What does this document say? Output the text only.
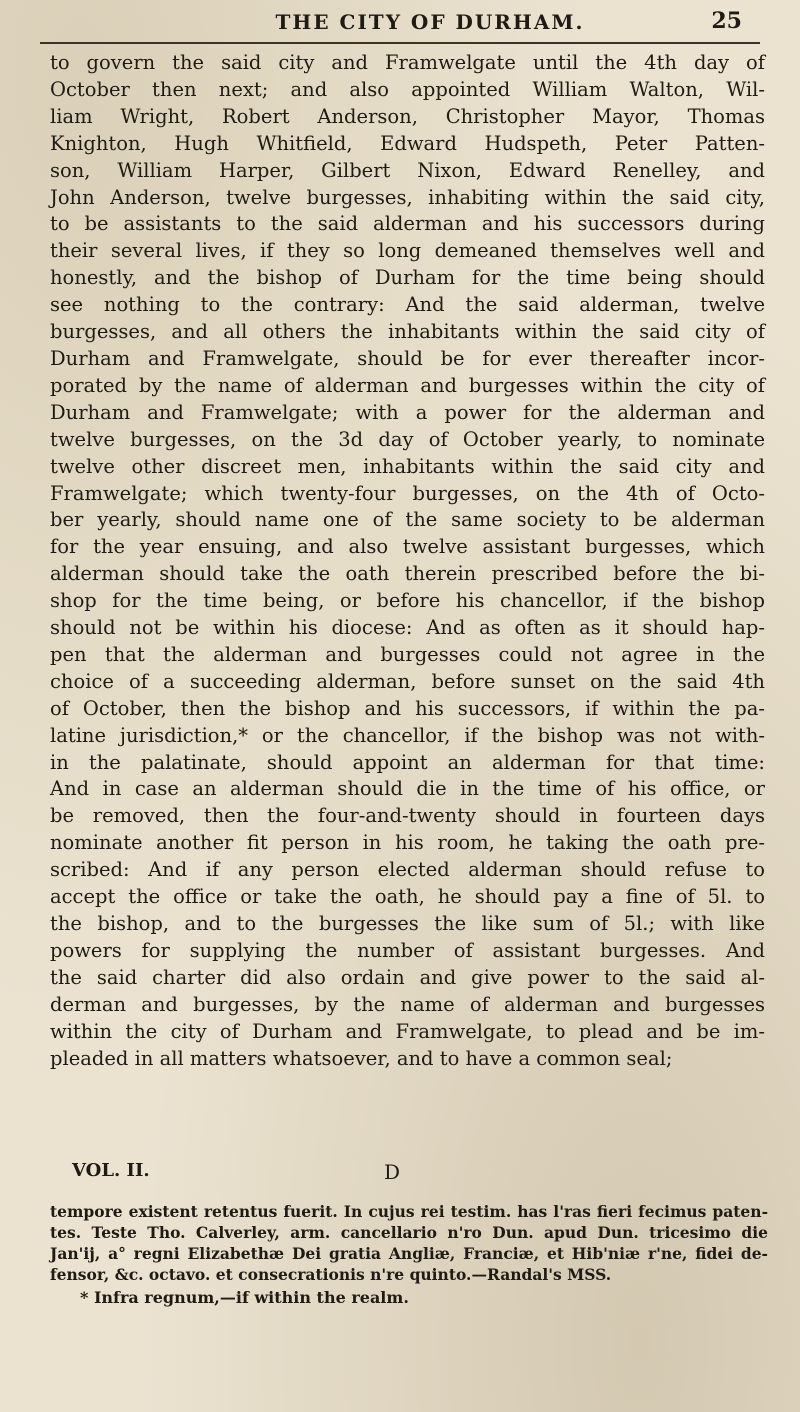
THE CITY OF DURHAM.	25
to govern the said city and Framwelgate until the 4th day of
October then next; and also appointed William Walton, Wil-
liam Wright, Robert Anderson, Christopher Mayor, Thomas
Knighton, Hugh Whitfield, Edward Hudspeth, Peter Patten-
son, William Harper, Gilbert Nixon, Edward Renelley, and
John Anderson, twelve burgesses, inhabiting within the said city,
to be assistants to the said alderman and his successors during
their several lives, if they so long demeaned themselves well and
honestly, and the bishop of Durham for the time being should
see nothing to the contrary: And the said alderman, twelve
burgesses, and all others the inhabitants within the said city of
Durham and Framwelgate, should be for ever thereafter incor-
porated by the name of alderman and burgesses within the city of
Durham and Framwelgate; with a power for the alderman and
twelve burgesses, on the 3d day of October yearly, to nominate
twelve other discreet men, inhabitants within the said city and
Framwelgate; which twenty-four burgesses, on the 4th of Octo-
ber yearly, should name one of the same society to be alderman
for the year ensuing, and also twelve assistant burgesses, which
alderman should take the oath therein prescribed before the bi-
shop for the time being, or before his chancellor, if the bishop
should not be within his diocese: And as often as it should hap-
pen that the alderman and burgesses could not agree in the
choice of a succeeding alderman, before sunset on the said 4th
of October, then the bishop and his successors, if within the pa-
latine jurisdiction,* or the chancellor, if the bishop was not with-
in the palatinate, should appoint an alderman for that time:
And in case an alderman should die in the time of his office, or
be removed, then the four-and-twenty should in fourteen days
nominate another fit person in his room, he taking the oath pre-
scribed: And if any person elected alderman should refuse to
accept the office or take the oath, he should pay a fine of 5l. to
the bishop, and to the burgesses the like sum of 5l.; with like
powers for supplying the number of assistant burgesses. And
the said charter did also ordain and give power to the said al-
derman and burgesses, by the name of alderman and burgesses
within the city of Durham and Framwelgate, to plead and be im-
pleaded in all matters whatsoever, and to have a common seal;
VOL. II.	D
tempore existent retentus fuerit. In cujus rei testim. has l'ras fieri fecimus paten-
tes. Teste Tho. Calverley, arm. cancellario n'ro Dun. apud Dun. tricesimo die
Jan'ij, a° regni Elizabethæ Dei gratia Angliæ, Franciæ, et Hib'niæ r'ne, fidei de-
fensor, &c. octavo. et consecrationis n're quinto.—Randal's MSS.
* Infra regnum,—if within the realm.
